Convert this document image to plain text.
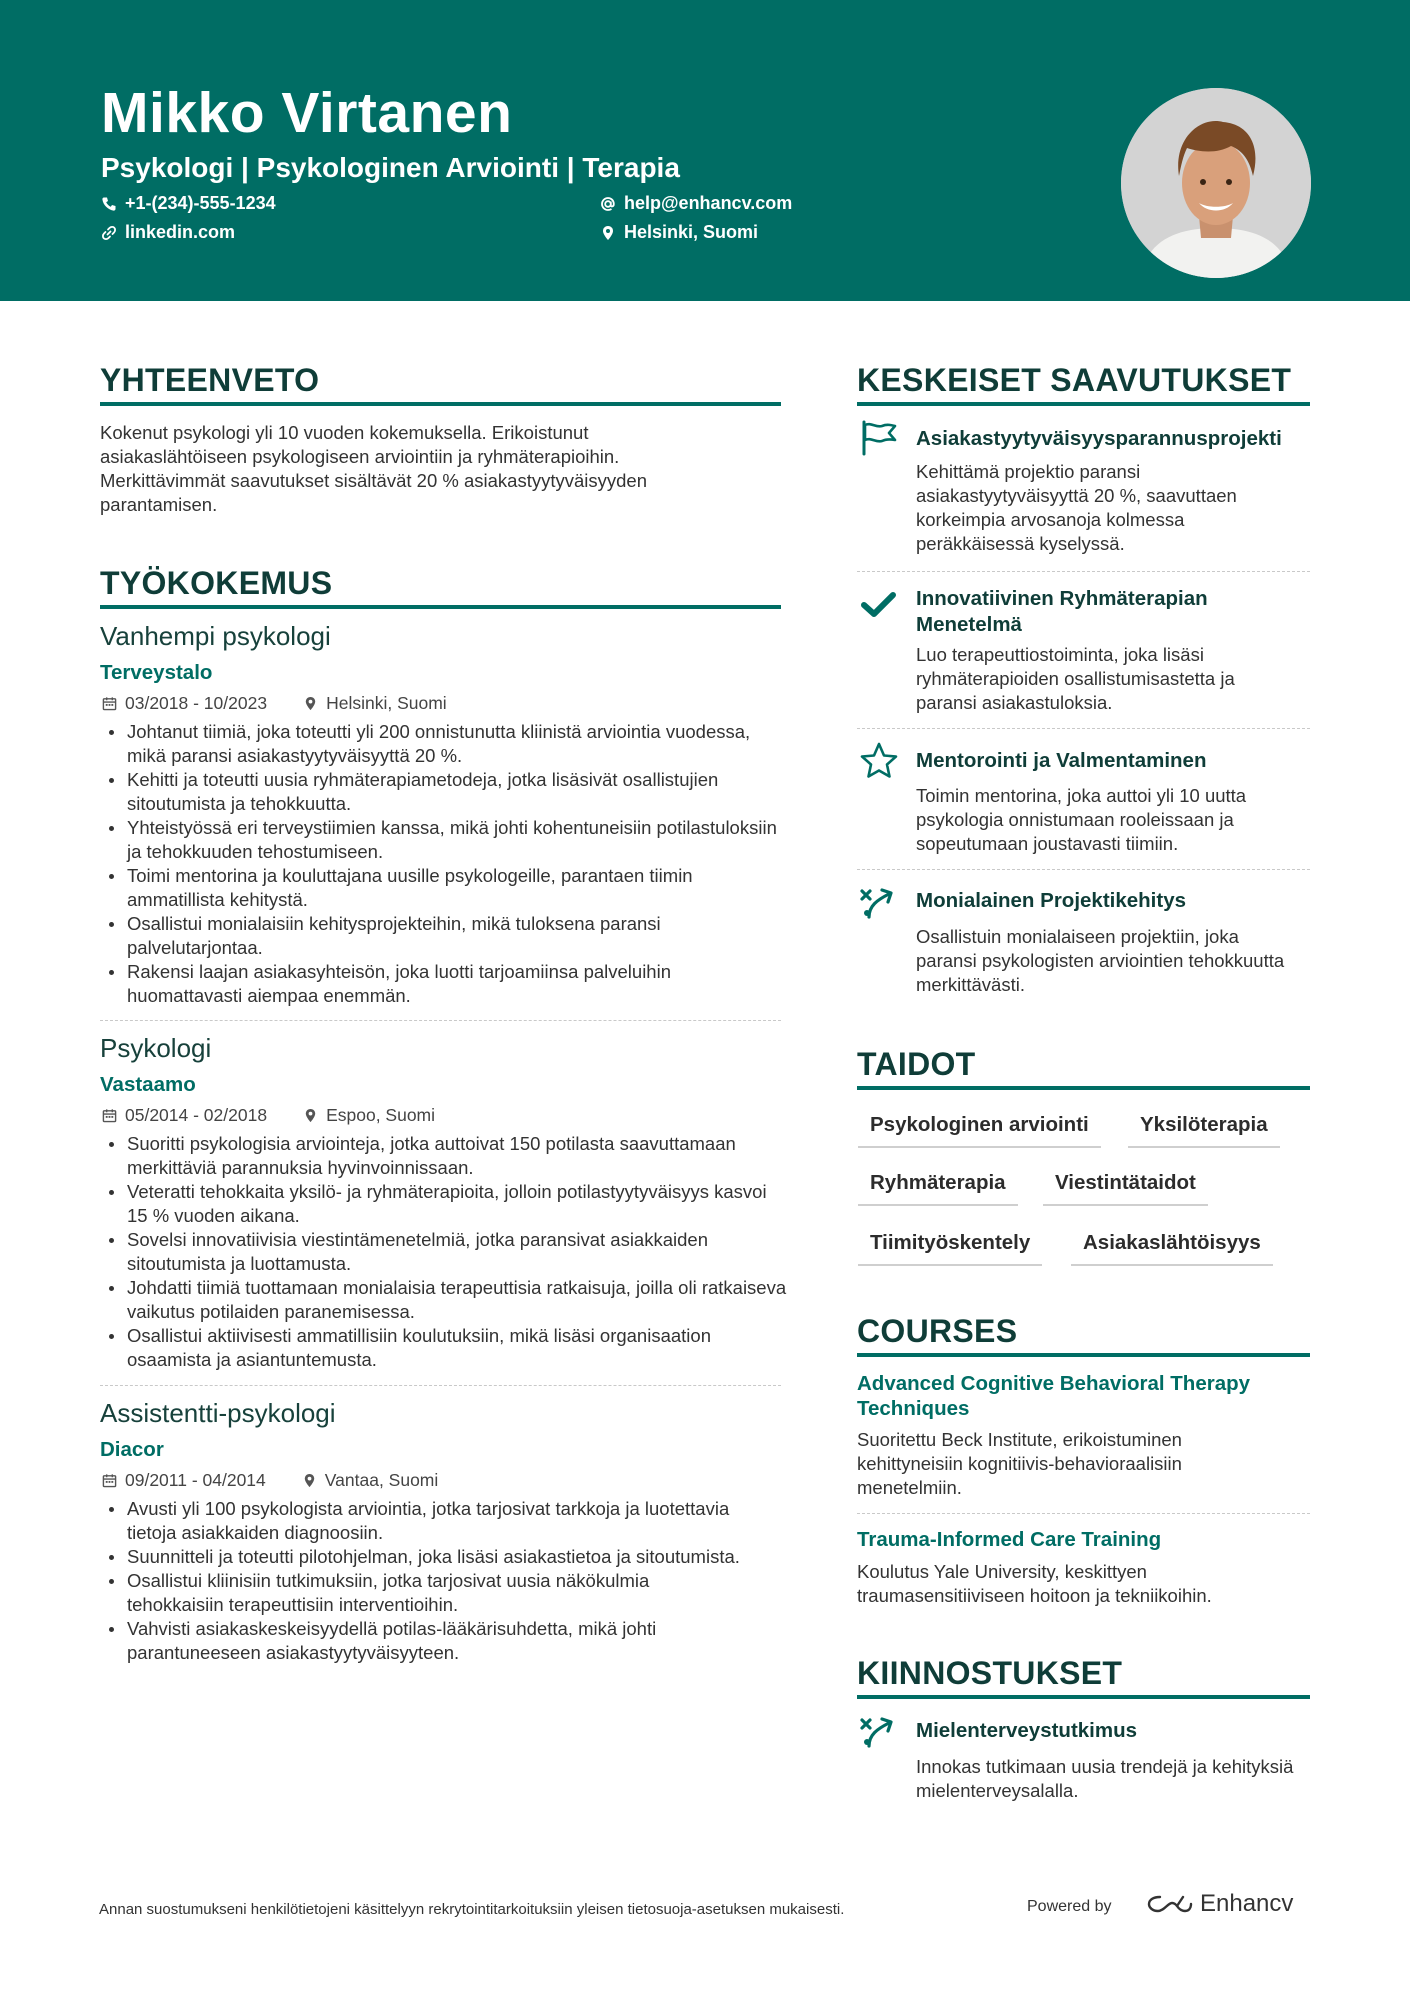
Mikko Virtanen
Psykologi | Psykologinen Arviointi | Terapia
+1-(234)-555-1234	help@enhancv.com
linkedin.com	Helsinki, Suomi
YHTEENVETO
Kokenut psykologi yli 10 vuoden kokemuksella. Erikoistunut asiakaslähtöiseen psykologiseen arviointiin ja ryhmäterapioihin. Merkittävimmät saavutukset sisältävät 20 % asiakastyytyväisyyden parantamisen.
TYÖKOKEMUS
Vanhempi psykologi
Terveystalo
03/2018 - 10/2023	Helsinki, Suomi
Johtanut tiimiä, joka toteutti yli 200 onnistunutta kliinistä arviointia vuodessa, mikä paransi asiakastyytyväisyyttä 20 %.
Kehitti ja toteutti uusia ryhmäterapiametodeja, jotka lisäsivät osallistujien sitoutumista ja tehokkuutta.
Yhteistyössä eri terveystiimien kanssa, mikä johti kohentuneisiin potilastuloksiin ja tehokkuuden tehostumiseen.
Toimi mentorina ja kouluttajana uusille psykologeille, parantaen tiimin ammatillista kehitystä.
Osallistui monialaisiin kehitysprojekteihin, mikä tuloksena paransi palvelutarjontaa.
Rakensi laajan asiakasyhteisön, joka luotti tarjoamiinsa palveluihin huomattavasti aiempaa enemmän.
Psykologi
Vastaamo
05/2014 - 02/2018	Espoo, Suomi
Suoritti psykologisia arviointeja, jotka auttoivat 150 potilasta saavuttamaan merkittäviä parannuksia hyvinvoinnissaan.
Veteratti tehokkaita yksilö- ja ryhmäterapioita, jolloin potilastyytyväisyys kasvoi 15 % vuoden aikana.
Sovelsi innovatiivisia viestintämenetelmiä, jotka paransivat asiakkaiden sitoutumista ja luottamusta.
Johdatti tiimiä tuottamaan monialaisia terapeuttisia ratkaisuja, joilla oli ratkaiseva vaikutus potilaiden paranemisessa.
Osallistui aktiivisesti ammatillisiin koulutuksiin, mikä lisäsi organisaation osaamista ja asiantuntemusta.
Assistentti-psykologi
Diacor
09/2011 - 04/2014	Vantaa, Suomi
Avusti yli 100 psykologista arviointia, jotka tarjosivat tarkkoja ja luotettavia tietoja asiakkaiden diagnoosiin.
Suunnitteli ja toteutti pilotohjelman, joka lisäsi asiakastietoa ja sitoutumista.
Osallistui kliinisiin tutkimuksiin, jotka tarjosivat uusia näkökulmia tehokkaisiin terapeuttisiin interventioihin.
Vahvisti asiakaskeskeisyydellä potilas-lääkärisuhdetta, mikä johti parantuneeseen asiakastyytyväisyyteen.
KESKEISET SAAVUTUKSET
Asiakastyytyväisyysparannusprojekti
Kehittämä projektio paransi asiakastyytyväisyyttä 20 %, saavuttaen korkeimpia arvosanoja kolmessa peräkkäisessä kyselyssä.
Innovatiivinen Ryhmäterapian Menetelmä
Luo terapeuttiostoiminta, joka lisäsi ryhmäterapioiden osallistumisastetta ja paransi asiakastuloksia.
Mentorointi ja Valmentaminen
Toimin mentorina, joka auttoi yli 10 uutta psykologia onnistumaan rooleissaan ja sopeutumaan joustavasti tiimiin.
Monialainen Projektikehitys
Osallistuin monialaiseen projektiin, joka paransi psykologisten arviointien tehokkuutta merkittävästi.
TAIDOT
Psykologinen arviointi	Yksilöterapia
Ryhmäterapia	Viestintätaidot
Tiimityöskentely	Asiakaslähtöisyys
COURSES
Advanced Cognitive Behavioral Therapy Techniques
Suoritettu Beck Institute, erikoistuminen kehittyneisiin kognitiivis-behavioraalisiin menetelmiin.
Trauma-Informed Care Training
Koulutus Yale University, keskittyen traumasensitiiviseen hoitoon ja tekniikoihin.
KIINNOSTUKSET
Mielenterveystutkimus
Innokas tutkimaan uusia trendejä ja kehityksiä mielenterveysalalla.
Annan suostumukseni henkilötietojeni käsittelyyn rekrytointitarkoituksiin yleisen tietosuoja-asetuksen mukaisesti.	Powered by	Enhancv
